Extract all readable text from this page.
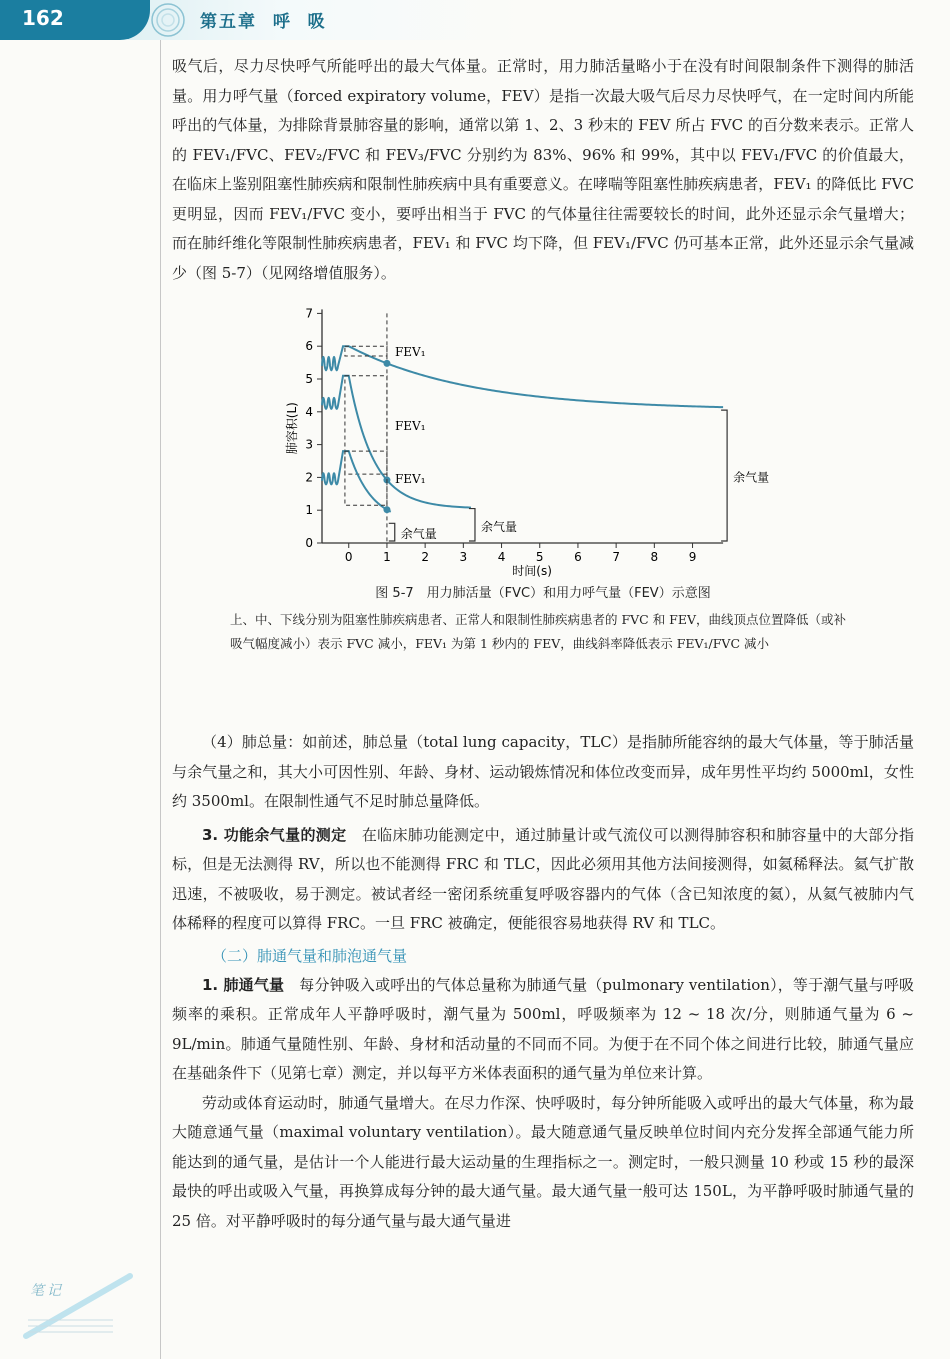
162	第五章  呼  吸

吸气后，尽力尽快呼气所能呼出的最大气体量。正常时，用力肺活量略小于在没有时间限制条件下测得的肺活量。用力呼气量（forced expiratory volume，FEV）是指一次最大吸气后尽力尽快呼气，在一定时间内所能呼出的气体量，为排除背景肺容量的影响，通常以第 1、2、3 秒末的 FEV 所占 FVC 的百分数来表示。正常人的 FEV₁/FVC、FEV₂/FVC 和 FEV₃/FVC 分别约为 83%、96% 和 99%，其中以 FEV₁/FVC 的价值最大，在临床上鉴别阻塞性肺疾病和限制性肺疾病中具有重要意义。在哮喘等阻塞性肺疾病患者，FEV₁ 的降低比 FVC 更明显，因而 FEV₁/FVC 变小，要呼出相当于 FVC 的气体量往往需要较长的时间，此外还显示余气量增大；而在肺纤维化等限制性肺疾病患者，FEV₁ 和 FVC 均下降，但 FEV₁/FVC 仍可基本正常，此外还显示余气量减少（图 5-7）（见网络增值服务）。

0
1
2
3
4
5
6
7
0	1	2	3	4	5	6	7	8	9
时间(s)
肺容积(L)
FEV₁
余气量
FEV₁
余气量
FEV₁
余气量
图 5-7　用力肺活量（FVC）和用力呼气量（FEV）示意图
上、中、下线分别为阻塞性肺疾病患者、正常人和限制性肺疾病患者的 FVC 和 FEV，曲线顶点位置降低（或补吸气幅度减小）表示 FVC 减小，FEV₁ 为第 1 秒内的 FEV，曲线斜率降低表示 FEV₁/FVC 减小

（4）肺总量：如前述，肺总量（total lung capacity，TLC）是指肺所能容纳的最大气体量，等于肺活量与余气量之和，其大小可因性别、年龄、身材、运动锻炼情况和体位改变而异，成年男性平均约 5000ml，女性约 3500ml。在限制性通气不足时肺总量降低。

3. 功能余气量的测定　在临床肺功能测定中，通过肺量计或气流仪可以测得肺容积和肺容量中的大部分指标，但是无法测得 RV，所以也不能测得 FRC 和 TLC，因此必须用其他方法间接测得，如氦稀释法。氦气扩散迅速，不被吸收，易于测定。被试者经一密闭系统重复呼吸容器内的气体（含已知浓度的氦），从氦气被肺内气体稀释的程度可以算得 FRC。一旦 FRC 被确定，便能很容易地获得 RV 和 TLC。

（二）肺通气量和肺泡通气量

1. 肺通气量　每分钟吸入或呼出的气体总量称为肺通气量（pulmonary ventilation），等于潮气量与呼吸频率的乘积。正常成年人平静呼吸时，潮气量为 500ml，呼吸频率为 12 ~ 18 次/分，则肺通气量为 6 ~ 9L/min。肺通气量随性别、年龄、身材和活动量的不同而不同。为便于在不同个体之间进行比较，肺通气量应在基础条件下（见第七章）测定，并以每平方米体表面积的通气量为单位来计算。

劳动或体育运动时，肺通气量增大。在尽力作深、快呼吸时，每分钟所能吸入或呼出的最大气体量，称为最大随意通气量（maximal voluntary ventilation）。最大随意通气量反映单位时间内充分发挥全部通气能力所能达到的通气量，是估计一个人能进行最大运动量的生理指标之一。测定时，一般只测量 10 秒或 15 秒的最深最快的呼出或吸入气量，再换算成每分钟的最大通气量。最大通气量一般可达 150L，为平静呼吸时肺通气量的 25 倍。对平静呼吸时的每分通气量与最大通气量进

笔记
